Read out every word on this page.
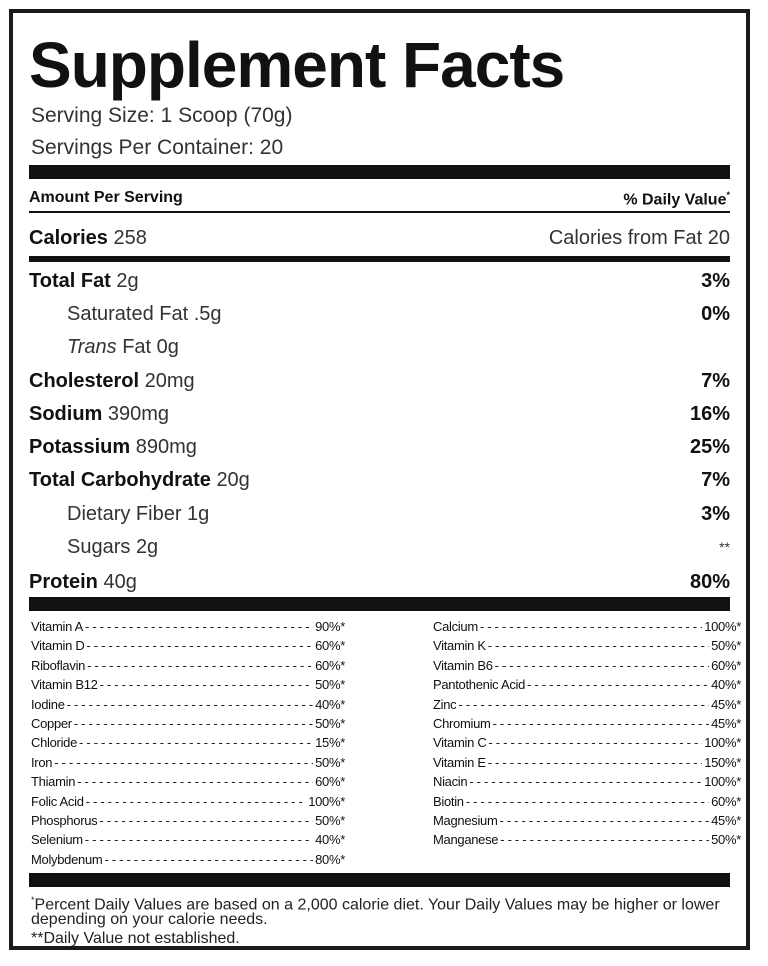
Supplement Facts
Serving Size: 1 Scoop (70g)
Servings Per Container: 20
Amount Per Serving	% Daily Value*
Calories 258	Calories from Fat 20
Total Fat 2g	3%
Saturated Fat .5g	0%
Trans Fat 0g
Cholesterol 20mg	7%
Sodium 390mg	16%
Potassium 890mg	25%
Total Carbohydrate 20g	7%
Dietary Fiber 1g	3%
Sugars 2g	**
Protein 40g	80%
Vitamin A - - -	90%*
Vitamin D - - -	60%*
Riboflavin - - -	60%*
Vitamin B12 - - -	50%*
Iodine - - -	40%*
Copper - - -	50%*
Chloride - - -	15%*
Iron - - -	50%*
Thiamin - - -	60%*
Folic Acid - - -	100%*
Phosphorus - - -	50%*
Selenium - - -	40%*
Molybdenum - - -	80%*
Calcium - - -	100%*
Vitamin K - - -	50%*
Vitamin B6 - - -	60%*
Pantothenic Acid - - -	40%*
Zinc - - -	45%*
Chromium - - -	45%*
Vitamin C - - -	100%*
Vitamin E - - -	150%*
Niacin - - -	100%*
Biotin - - -	60%*
Magnesium - - -	45%*
Manganese - - -	50%*
*Percent Daily Values are based on a 2,000 calorie diet. Your Daily Values may be higher or lower depending on your calorie needs.
**Daily Value not established.
